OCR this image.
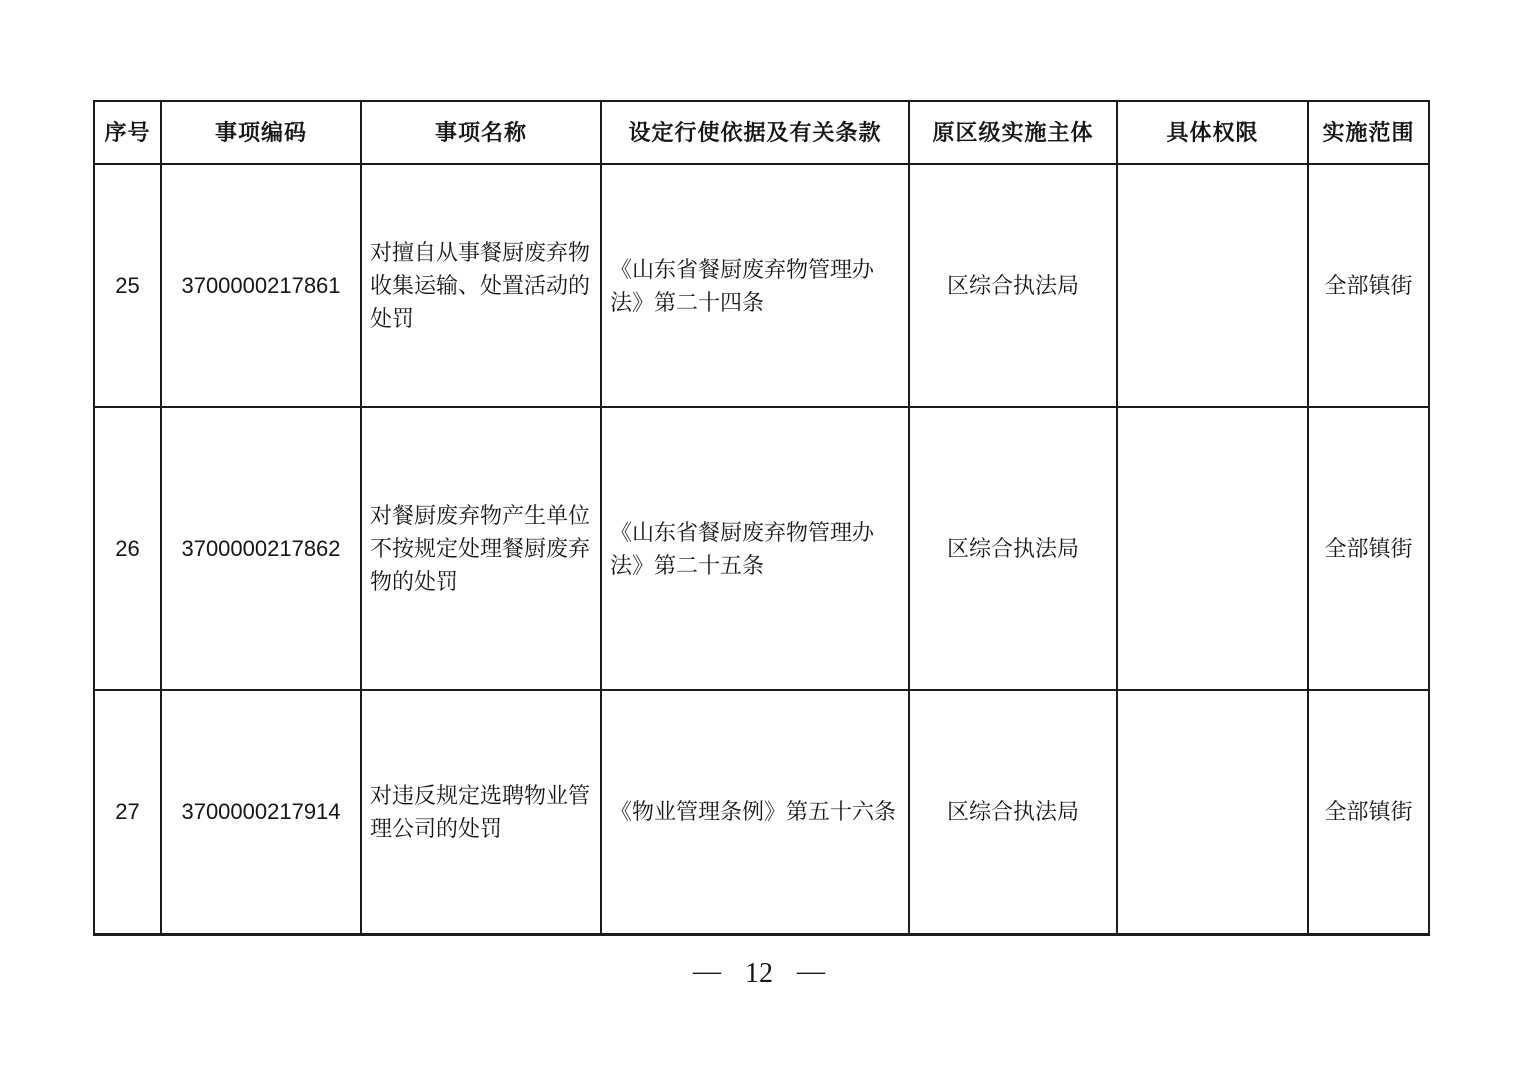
序号	事项编码	事项名称	设定行使依据及有关条款	原区级实施主体	具体权限	实施范围
25	3700000217861	对擅自从事餐厨废弃物收集运输、处置活动的处罚	《山东省餐厨废弃物管理办法》第二十四条	区综合执法局		全部镇街
26	3700000217862	对餐厨废弃物产生单位不按规定处理餐厨废弃物的处罚	《山东省餐厨废弃物管理办法》第二十五条	区综合执法局		全部镇街
27	3700000217914	对违反规定选聘物业管理公司的处罚	《物业管理条例》第五十六条	区综合执法局		全部镇街
— 12 —
